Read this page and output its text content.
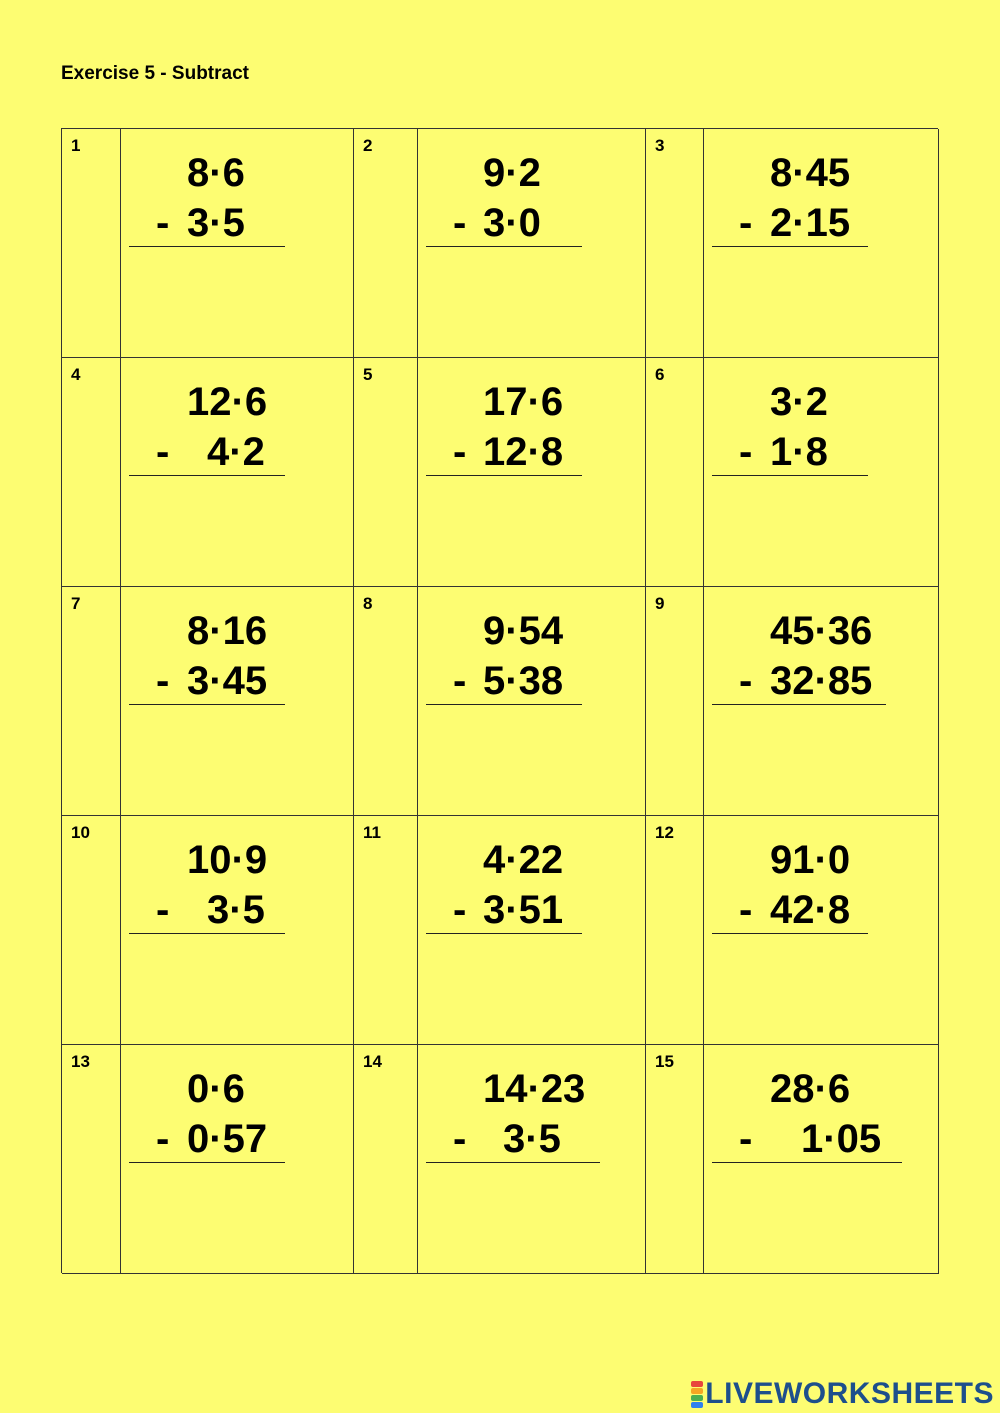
Exercise 5 - Subtract
1
8·6
- 3·5
2
9·2
- 3·0
3
8·45
- 2·15
4
12·6
- 4·2
5
17·6
- 12·8
6
3·2
- 1·8
7
8·16
- 3·45
8
9·54
- 5·38
9
45·36
- 32·85
10
10·9
- 3·5
11
4·22
- 3·51
12
91·0
- 42·8
13
0·6
- 0·57
14
14·23
- 3·5
15
28·6
- 1·05
LIVEWORKSHEETS
